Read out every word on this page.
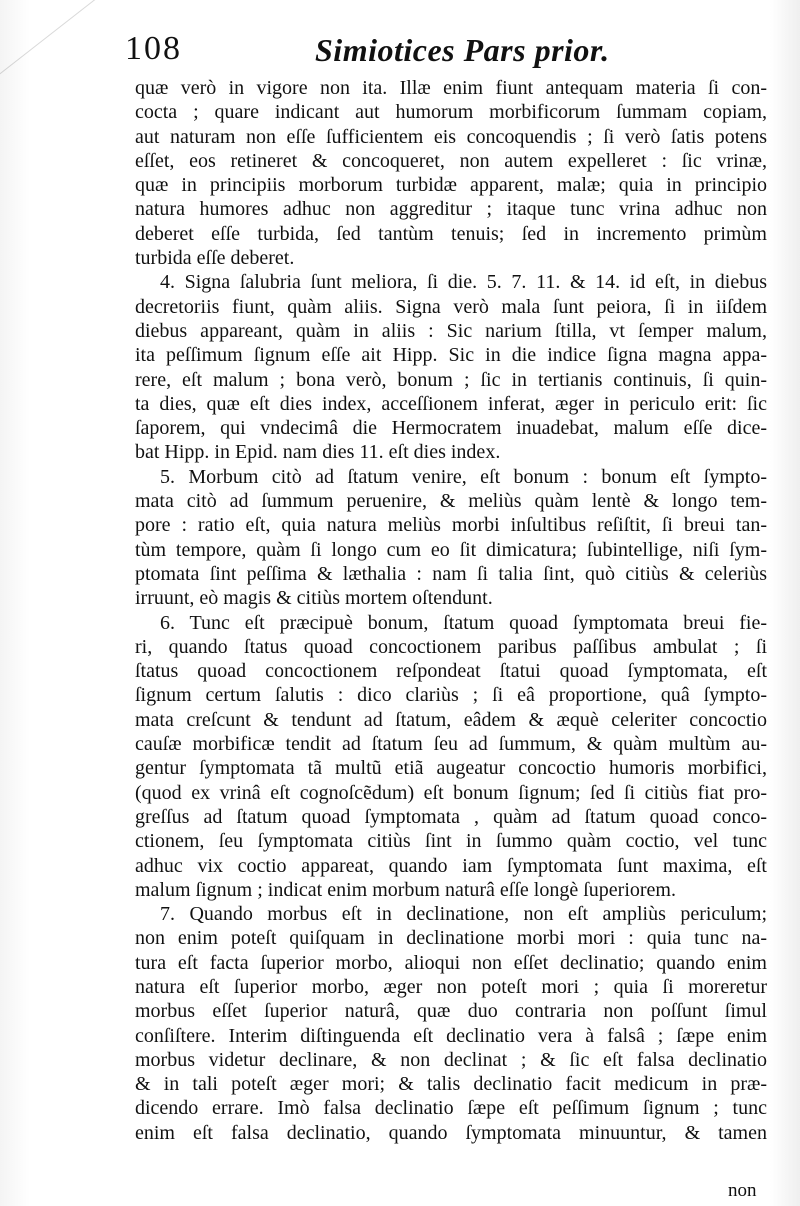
108	Simiotices Pars prior.
quæ verò in vigore non ita. Illæ enim fiunt antequam materia ſi con-
cocta ; quare indicant aut humorum morbificorum ſummam copiam,
aut naturam non eſſe ſufficientem eis concoquendis ; ſi verò ſatis potens
eſſet, eos retineret & concoqueret, non autem expelleret : ſic vrinæ,
quæ in principiis morborum turbidæ apparent, malæ; quia in principio
natura humores adhuc non aggreditur ; itaque tunc vrina adhuc non
deberet eſſe turbida, ſed tantùm tenuis; ſed in incremento primùm
turbida eſſe deberet.
4. Signa ſalubria ſunt meliora, ſi die. 5. 7. 11. & 14. id eſt, in diebus
decretoriis fiunt, quàm aliis. Signa verò mala ſunt peiora, ſi in iiſdem
diebus appareant, quàm in aliis : Sic narium ſtilla, vt ſemper malum,
ita peſſimum ſignum eſſe ait Hipp. Sic in die indice ſigna magna appa-
rere, eſt malum ; bona verò, bonum ; ſic in tertianis continuis, ſi quin-
ta dies, quæ eſt dies index, acceſſionem inferat, æger in periculo erit: ſic
ſaporem, qui vndecimâ die Hermocratem inuadebat, malum eſſe dice-
bat Hipp. in Epid. nam dies 11. eſt dies index.
5. Morbum citò ad ſtatum venire, eſt bonum : bonum eſt ſympto-
mata citò ad ſummum peruenire, & meliùs quàm lentè & longo tem-
pore : ratio eſt, quia natura meliùs morbi inſultibus reſiſtit, ſi breui tan-
tùm tempore, quàm ſi longo cum eo ſit dimicatura; ſubintellige, niſi ſym-
ptomata ſint peſſima & læthalia : nam ſi talia ſint, quò citiùs & celeriùs
irruunt, eò magis & citiùs mortem oſtendunt.
6. Tunc eſt præcipuè bonum, ſtatum quoad ſymptomata breui fie-
ri, quando ſtatus quoad concoctionem paribus paſſibus ambulat ; ſi
ſtatus quoad concoctionem reſpondeat ſtatui quoad ſymptomata, eſt
ſignum certum ſalutis : dico clariùs ; ſi eâ proportione, quâ ſympto-
mata creſcunt & tendunt ad ſtatum, eâdem & æquè celeriter concoctio
cauſæ morbificæ tendit ad ſtatum ſeu ad ſummum, & quàm multùm au-
gentur ſymptomata tã multũ etiã augeatur concoctio humoris morbifici,
(quod ex vrinâ eſt cognoſcẽdum) eſt bonum ſignum; ſed ſi citiùs fiat pro-
greſſus ad ſtatum quoad ſymptomata , quàm ad ſtatum quoad conco-
ctionem, ſeu ſymptomata citiùs ſint in ſummo quàm coctio, vel tunc
adhuc vix coctio appareat, quando iam ſymptomata ſunt maxima, eſt
malum ſignum ; indicat enim morbum naturâ eſſe longè ſuperiorem.
7. Quando morbus eſt in declinatione, non eſt ampliùs periculum;
non enim poteſt quiſquam in declinatione morbi mori : quia tunc na-
tura eſt facta ſuperior morbo, alioqui non eſſet declinatio; quando enim
natura eſt ſuperior morbo, æger non poteſt mori ; quia ſi moreretur
morbus eſſet ſuperior naturâ, quæ duo contraria non poſſunt ſimul
conſiſtere. Interim diſtinguenda eſt declinatio vera à falsâ ; ſæpe enim
morbus videtur declinare, & non declinat ; & ſic eſt falsa declinatio
& in tali poteſt æger mori; & talis declinatio facit medicum in præ-
dicendo errare. Imò falsa declinatio ſæpe eſt peſſimum ſignum ; tunc
enim eſt falsa declinatio, quando ſymptomata minuuntur, & tamen
non
